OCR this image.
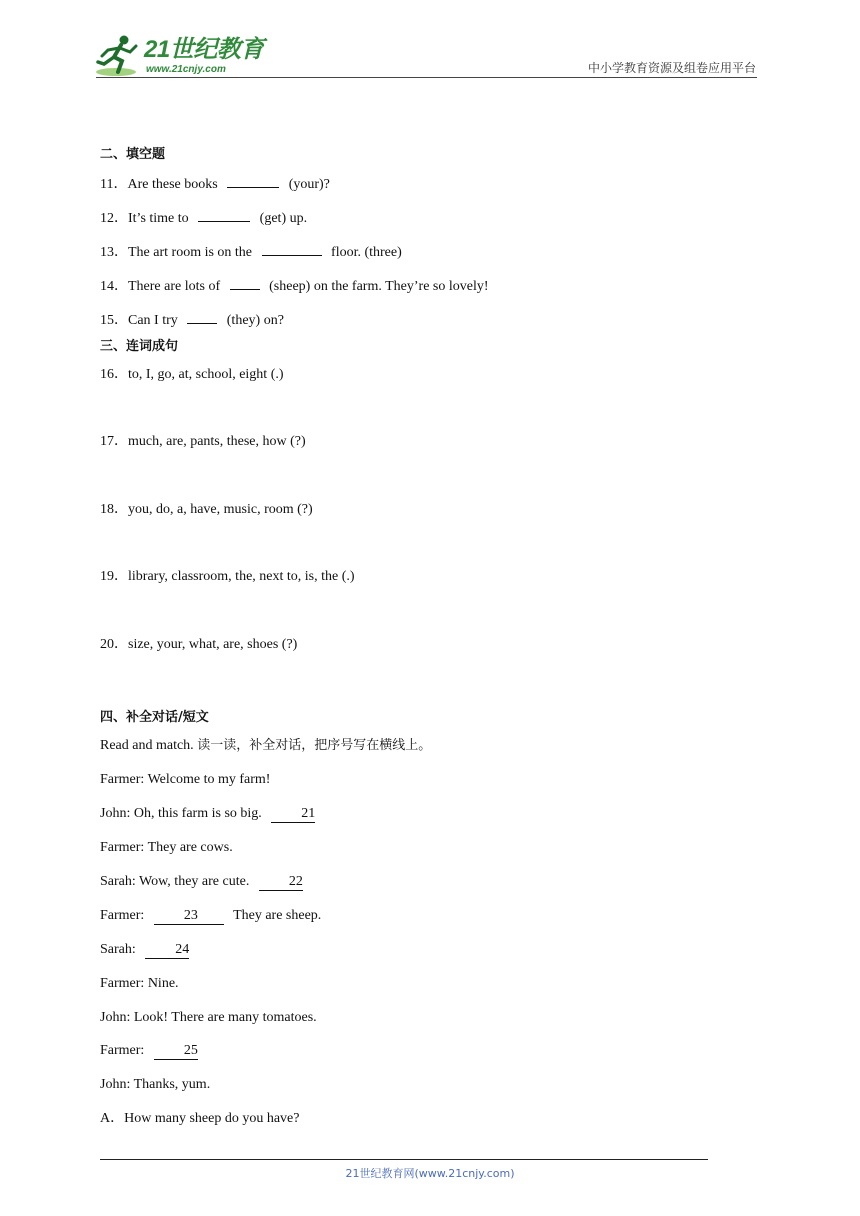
21世纪教育
www.21cnjy.com	中小学教育资源及组卷应用平台
二、填空题
11．Are these books	(your)?
12．It’s time to	(get) up.
13．The art room is on the	floor. (three)
14．There are lots of	(sheep) on the farm. They’re so lovely!
15．Can I try	(they) on?
三、连词成句
16．to, I, go, at, school, eight (.)
17．much, are, pants, these, how (?)
18．you, do, a, have, music, room (?)
19．library, classroom, the, next to, is, the (.)
20．size, your, what, are, shoes (?)
四、补全对话/短文
Read and match. 读一读，补全对话，把序号写在横线上。
Farmer: Welcome to my farm!
John: Oh, this farm is so big.	21
Farmer: They are cows.
Sarah: Wow, they are cute.	22
Farmer:	23	They are sheep.
Sarah:	24
Farmer: Nine.
John: Look! There are many tomatoes.
Farmer:	25
John: Thanks, yum.
A．How many sheep do you have?
21世纪教育网(www.21cnjy.com)
